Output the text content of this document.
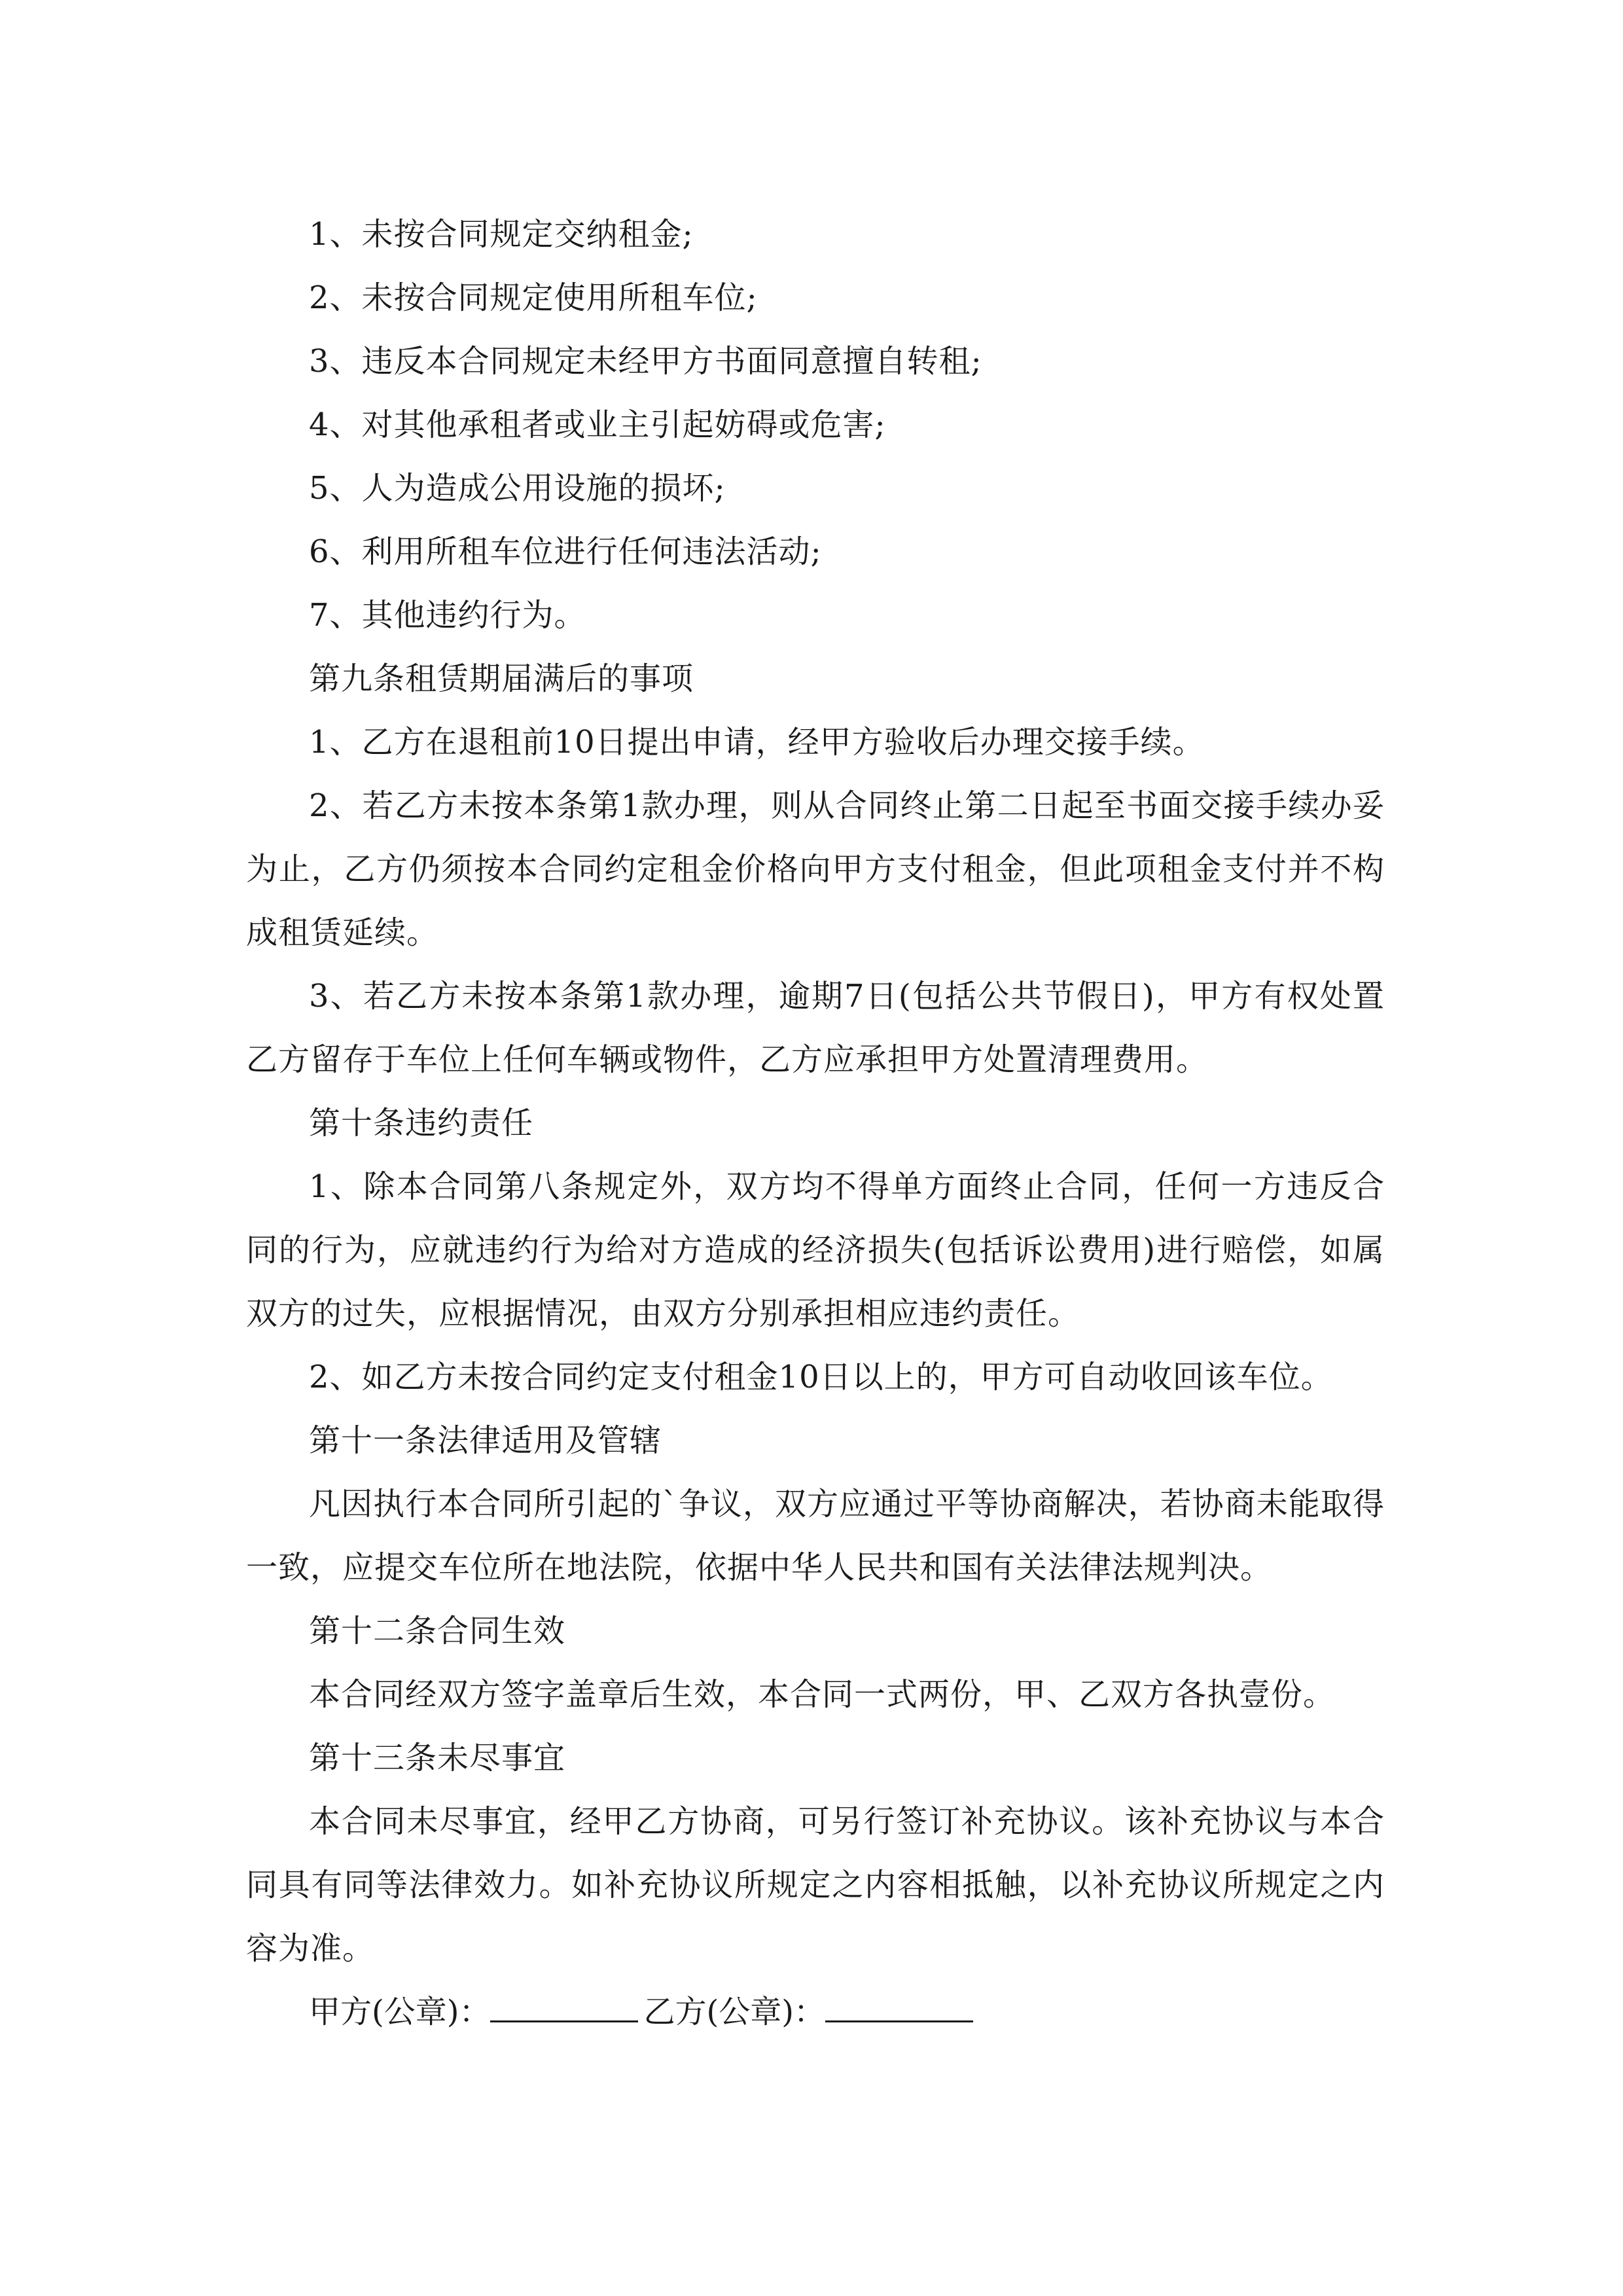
1、未按合同规定交纳租金;

2、未按合同规定使用所租车位;

3、违反本合同规定未经甲方书面同意擅自转租;

4、对其他承租者或业主引起妨碍或危害;

5、人为造成公用设施的损坏;

6、利用所租车位进行任何违法活动;

7、其他违约行为。

第九条租赁期届满后的事项

1、乙方在退租前10日提出申请，经甲方验收后办理交接手续。

2、若乙方未按本条第1款办理，则从合同终止第二日起至书面交接手续办妥为止，乙方仍须按本合同约定租金价格向甲方支付租金，但此项租金支付并不构成租赁延续。

3、若乙方未按本条第1款办理，逾期7日(包括公共节假日)，甲方有权处置乙方留存于车位上任何车辆或物件，乙方应承担甲方处置清理费用。

第十条违约责任

1、除本合同第八条规定外，双方均不得单方面终止合同，任何一方违反合同的行为，应就违约行为给对方造成的经济损失(包括诉讼费用)进行赔偿，如属双方的过失，应根据情况，由双方分别承担相应违约责任。

2、如乙方未按合同约定支付租金10日以上的，甲方可自动收回该车位。

第十一条法律适用及管辖

凡因执行本合同所引起的`争议，双方应通过平等协商解决，若协商未能取得一致，应提交车位所在地法院，依据中华人民共和国有关法律法规判决。

第十二条合同生效

本合同经双方签字盖章后生效，本合同一式两份，甲、乙双方各执壹份。

第十三条未尽事宜

本合同未尽事宜，经甲乙方协商，可另行签订补充协议。该补充协议与本合同具有同等法律效力。如补充协议所规定之内容相抵触，以补充协议所规定之内容为准。

甲方(公章)：	乙方(公章)：
